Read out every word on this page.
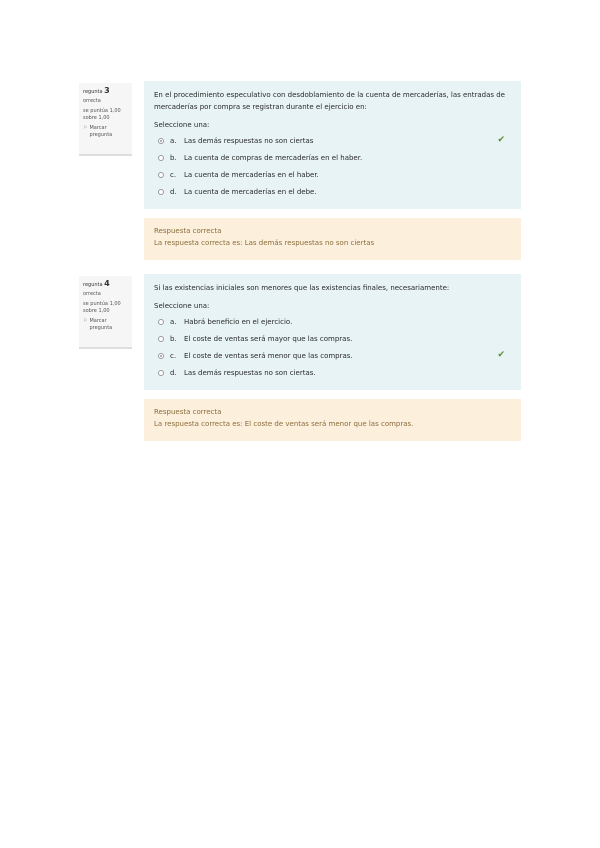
regunta 3
orrecta
se puntúa 1,00
sobre 1,00
⚐ Marcar pregunta
En el procedimiento especulativo con desdoblamiento de la cuenta de mercaderías, las entradas de mercaderías por compra se registran durante el ejercicio en:
Seleccione una:
a.	Las demás respuestas no son ciertas	✔
b.	La cuenta de compras de mercaderías en el haber.
c.	La cuenta de mercaderías en el haber.
d.	La cuenta de mercaderías en el debe.
Respuesta correcta
La respuesta correcta es: Las demás respuestas no son ciertas
regunta 4
orrecta
se puntúa 1,00
sobre 1,00
⚐ Marcar pregunta
Si las existencias iniciales son menores que las existencias finales, necesariamente:
Seleccione una:
a.	Habrá beneficio en el ejercicio.
b.	El coste de ventas será mayor que las compras.
c.	El coste de ventas será menor que las compras.	✔
d.	Las demás respuestas no son ciertas.
Respuesta correcta
La respuesta correcta es: El coste de ventas será menor que las compras.
